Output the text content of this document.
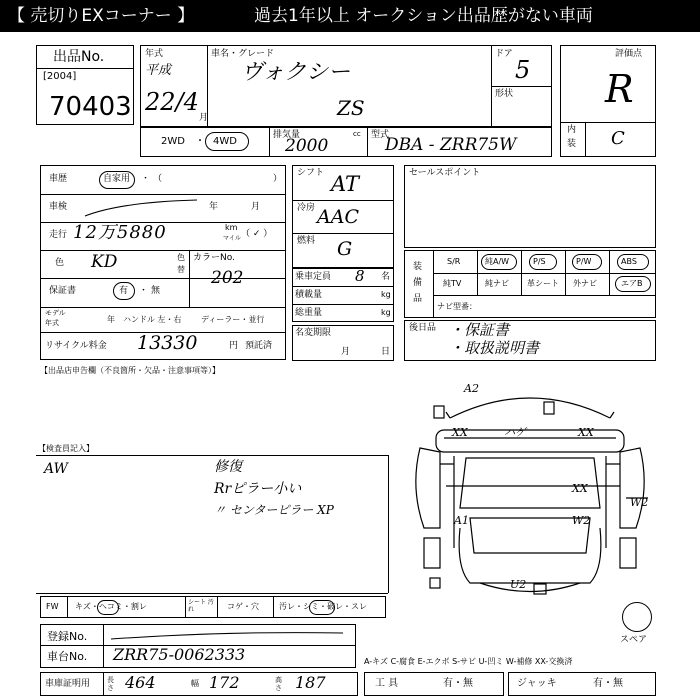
【 売切りEXコーナー 】	過去1年以上 オークション出品歴がない車両
出品No.
[2004]
70403
年式
平成
22/4
月
車名・グレード
ヴォクシー
ZS
ドア
5
形状
評価点
R
内
装 C
2WD ・ 4WD
排気量	cc
2000
型式
DBA - ZRR75W
車歴	自家用 ・ （	）
車検	年	月
走行 12万5880	km
マイル （ ✓ ）
色 KD	色
替
カラーNo.
202
保証書	有 ・ 無
モデル
年式	年 ハンドル 左・右 ディーラー・並行
リサイクル料金 13330	円 預託済
シフト AT
冷房 AAC
燃料 G
乗車定員 8 名
積載量	kg
総重量	kg
名変期限
月	日
セールスポイント
装
備
品
S/R	純A/W	P/S	P/W	ABS
純TV	純ナビ 革シート 外ナビ	エアB
ナビ型番：
後日品 ・保証書
・取扱説明書
【出品店申告欄（不良箇所・欠品・注意事項等）】
【検査員記入】
AW	修復
Rrピラー小い
〃 センターピラー XP
A2
ハゲ
XX	XX
XX
A1
W2
W2
U2
FW キズ・ヘコミ・割レ	シート 汚れ	コゲ・穴	汚レ・シミ・破レ・スレ
登録No.
車台No. ZRR75-0062333
スペア
A-キズ C-腐食 E-エクボ S-サビ U-凹ミ W-補修 XX-交換済
車庫証明用 長さ 464	幅 172	高さ 187	工 具	有・無	ジャッキ	有・無
